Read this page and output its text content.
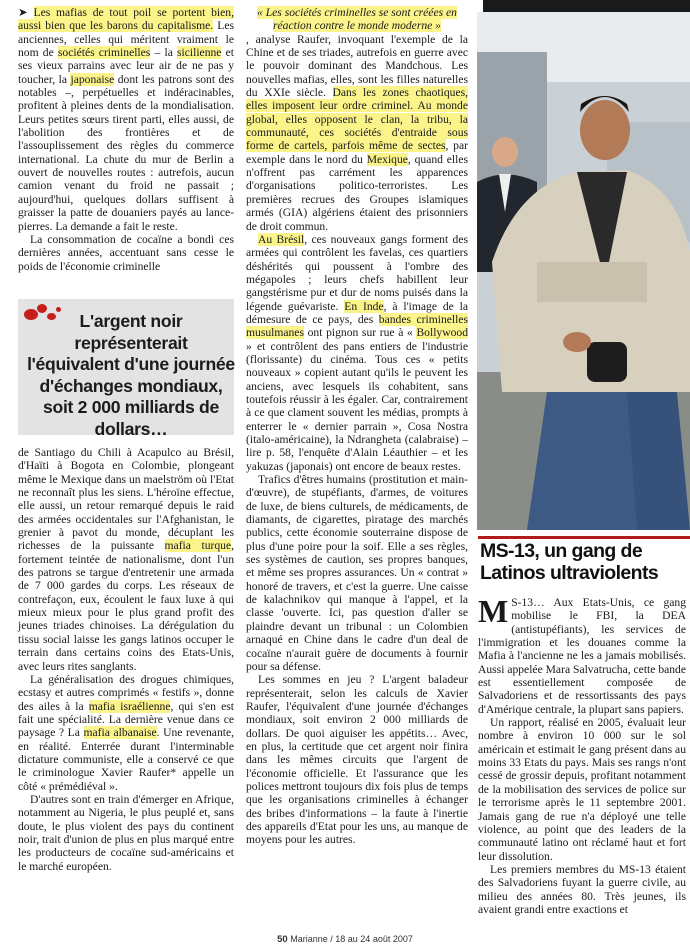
➤ Les mafias de tout poil se portent bien, aussi bien que les barons du capitalisme. Les anciennes, celles qui méritent vraiment le nom de sociétés criminelles – la sicilienne et ses vieux parrains avec leur air de ne pas y toucher, la japonaise dont les patrons sont des notables –, perpétuelles et indéracinables, profitent à pleines dents de la mondialisation. Leurs petites sœurs tirent parti, elles aussi, de l'abolition des frontières et de l'assouplissement des règles du commerce international. La chute du mur de Berlin a ouvert de nouvelles routes : autrefois, aucun camion venant du froid ne passait ; aujourd'hui, quelques dollars suffisent à graisser la patte de douaniers payés au lance-pierres. La demande a fait le reste.

La consommation de cocaïne a bondi ces dernières années, accentuant sans cesse le poids de l'économie criminelle

L'argent noir représenterait l'équivalent d'une journée d'échanges mondiaux, soit 2 000 milliards de dollars…

de Santiago du Chili à Acapulco au Brésil, d'Haïti à Bogota en Colombie, plongeant même le Mexique dans un maelström où l'Etat ne reconnaît plus les siens. L'héroïne effectue, elle aussi, un retour remarqué depuis le raid des armées occidentales sur l'Afghanistan, le grenier à pavot du monde, décuplant les richesses de la puissante mafia turque, fortement teintée de nationalisme, dont l'un des patrons se targue d'entretenir une armada de 7 000 gardes du corps. Les réseaux de contrefaçon, eux, écoulent le faux luxe à qui mieux mieux pour le plus grand profit des jeunes triades chinoises. La dérégulation du tissu social laisse les gangs latinos occuper le terrain dans certains coins des Etats-Unis, avec leurs rites sanglants.

La généralisation des drogues chimiques, ecstasy et autres comprimés « festifs », donne des ailes à la mafia israélienne, qui s'en est fait une spécialité. La dernière venue dans ce paysage ? La mafia albanaise. Une revenante, en réalité. Enterrée durant l'interminable dictature communiste, elle a conservé ce que le criminologue Xavier Raufer* appelle un côté « prémédiéval ».

D'autres sont en train d'émerger en Afrique, notamment au Nigeria, le plus peuplé et, sans doute, le plus violent des pays du continent noir, trait d'union de plus en plus marqué entre les producteurs de cocaïne sud-américains et le marché européen.

« Les sociétés criminelles se sont créées en réaction contre le monde moderne »

, analyse Raufer, invoquant l'exemple de la Chine et de ses triades, autrefois en guerre avec le pouvoir dominant des Mandchous. Les nouvelles mafias, elles, sont les filles naturelles du XXIe siècle. Dans les zones chaotiques, elles imposent leur ordre criminel. Au monde global, elles opposent le clan, la tribu, la communauté, ces sociétés d'entraide sous forme de cartels, parfois même de sectes, par exemple dans le nord du Mexique, quand elles n'offrent pas carrément les apparences d'organisations politico-terroristes. Les premières recrues des Groupes islamiques armés (GIA) algériens étaient des prisonniers de droit commun.

Au Brésil, ces nouveaux gangs forment des armées qui contrôlent les favelas, ces quartiers déshérités qui poussent à l'ombre des mégapoles ; leurs chefs habillent leur gangstérisme pur et dur de noms puisés dans la légende guévariste. En Inde, à l'image de la démesure de ce pays, des bandes criminelles musulmanes ont pignon sur rue à « Bollywood » et contrôlent des pans entiers de l'industrie (florissante) du cinéma. Tous ces « petits nouveaux » copient autant qu'ils le peuvent les anciens, avec lesquels ils cohabitent, sans toutefois réussir à les égaler. Car, contrairement à ce que clament souvent les médias, prompts à enterrer le « dernier parrain », Cosa Nostra (italo-américaine), la Ndrangheta (calabraise) – lire p. 58, l'enquête d'Alain Léauthier – et les yakuzas (japonais) ont encore de beaux restes.

Trafics d'êtres humains (prostitution et main-d'œuvre), de stupéfiants, d'armes, de voitures de luxe, de biens culturels, de médicaments, de diamants, de cigarettes, piratage des marchés publics, cette économie souterraine dispose de plus d'une poire pour la soif. Elle a ses règles, ses systèmes de caution, ses propres banques, et même ses propres assurances. Un « contrat » honoré de travers, et c'est la guerre. Une caisse de kalachnikov qui manque à l'appel, et la classe 'ouverte. Ici, pas question d'aller se plaindre devant un tribunal : un Colombien arnaqué en Chine dans le cadre d'un deal de cocaïne n'aurait guère de documents à fournir pour sa défense.

Les sommes en jeu ? L'argent baladeur représenterait, selon les calculs de Xavier Raufer, l'équivalent d'une journée d'échanges mondiaux, soit environ 2 000 milliards de dollars. De quoi aiguiser les appétits… Avec, en plus, la certitude que cet argent noir finira dans les mêmes circuits que l'argent de l'économie officielle. Et l'assurance que les polices mettront toujours dix fois plus de temps que les organisations criminelles à échanger des bribes d'informations – la faute à l'inertie des appareils d'Etat pour les uns, au manque de moyens pour les autres.

MS-13, un gang de Latinos ultraviolents

M S-13… Aux Etats-Unis, ce gang mobilise le FBI, la DEA (antistupéfiants), les services de l'immigration et les douanes comme la Mafia à l'ancienne ne les a jamais mobilisés. Aussi appelée Mara Salvatrucha, cette bande est essentiellement composée de Salvadoriens et de ressortissants des pays d'Amérique centrale, la plupart sans papiers.

Un rapport, réalisé en 2005, évaluait leur nombre à environ 10 000 sur le sol américain et estimait le gang présent dans au moins 33 Etats du pays. Mais ses rangs n'ont cessé de grossir depuis, profitant notamment de la mobilisation des services de police sur le terrorisme après le 11 septembre 2001. Jamais gang de rue n'a déployé une telle violence, au point que des leaders de la communauté latino ont réclamé haut et fort leur dissolution.

Les premiers membres du MS-13 étaient des Salvadoriens fuyant la guerre civile, au milieu des années 80. Très jeunes, ils avaient grandi entre exactions et

50 Marianne / 18 au 24 août 2007
